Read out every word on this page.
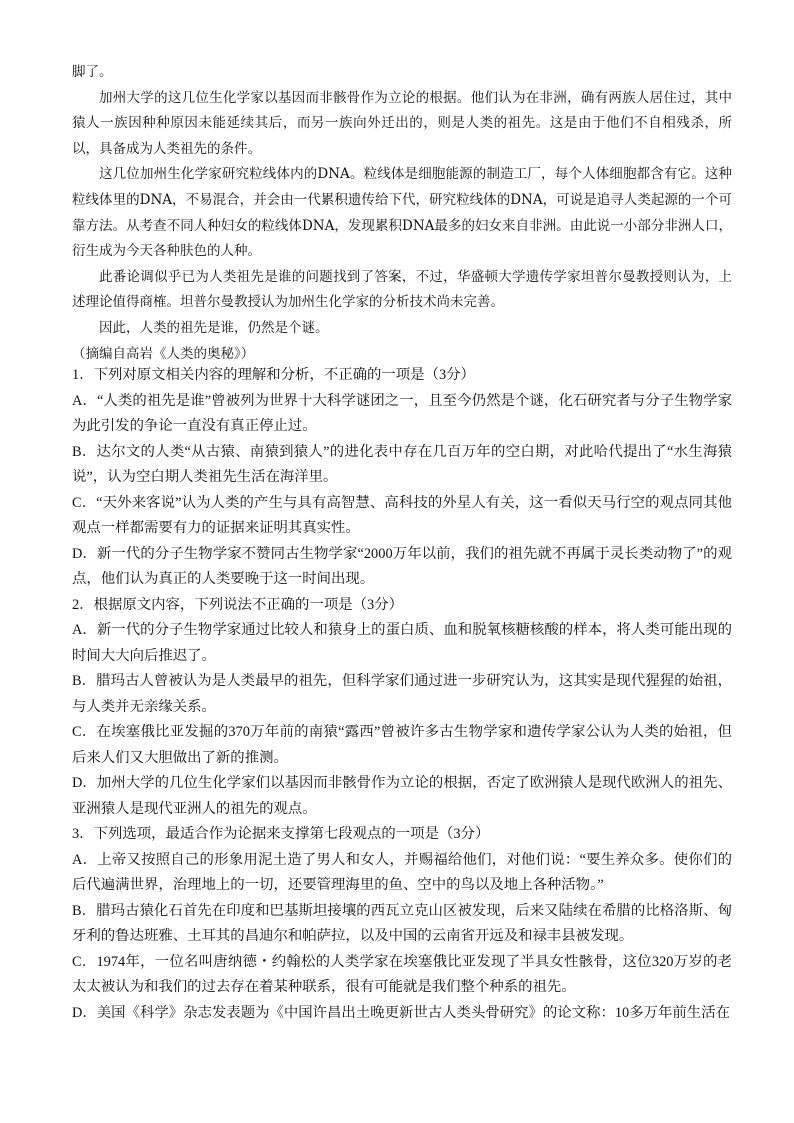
脚了。

加州大学的这几位生化学家以基因而非骸骨作为立论的根据。他们认为在非洲，确有两族人居住过，其中猿人一族因种种原因未能延续其后，而另一族向外迁出的，则是人类的祖先。这是由于他们不自相残杀，所以，具备成为人类祖先的条件。

这几位加州生化学家研究粒线体内的DNA。粒线体是细胞能源的制造工厂，每个人体细胞都含有它。这种粒线体里的DNA，不易混合，并会由一代累积遗传给下代，研究粒线体的DNA，可说是追寻人类起源的一个可靠方法。从考查不同人种妇女的粒线体DNA，发现累积DNA最多的妇女来自非洲。由此说一小部分非洲人口，衍生成为今天各种肤色的人种。

此番论调似乎已为人类祖先是谁的问题找到了答案，不过，华盛顿大学遗传学家坦普尔曼教授则认为，上述理论值得商榷。坦普尔曼教授认为加州生化学家的分析技术尚未完善。

因此，人类的祖先是谁，仍然是个谜。

（摘编自高岩《人类的奥秘》）

1．下列对原文相关内容的理解和分析，不正确的一项是（3分）

A．“人类的祖先是谁”曾被列为世界十大科学谜团之一，且至今仍然是个谜，化石研究者与分子生物学家为此引发的争论一直没有真正停止过。

B．达尔文的人类“从古猿、南猿到猿人”的进化表中存在几百万年的空白期，对此哈代提出了“水生海猿说”，认为空白期人类祖先生活在海洋里。

C．“天外来客说”认为人类的产生与具有高智慧、高科技的外星人有关，这一看似天马行空的观点同其他观点一样都需要有力的证据来证明其真实性。

D．新一代的分子生物学家不赞同古生物学家“2000万年以前，我们的祖先就不再属于灵长类动物了”的观点，他们认为真正的人类要晚于这一时间出现。

2．根据原文内容，下列说法不正确的一项是（3分）

A．新一代的分子生物学家通过比较人和猿身上的蛋白质、血和脱氧核糖核酸的样本，将人类可能出现的时间大大向后推迟了。

B．腊玛古人曾被认为是人类最早的祖先，但科学家们通过进一步研究认为，这其实是现代猩猩的始祖，与人类并无亲缘关系。

C．在埃塞俄比亚发掘的370万年前的南猿“露西”曾被许多古生物学家和遗传学家公认为人类的始祖，但后来人们又大胆做出了新的推测。

D．加州大学的几位生化学家们以基因而非骸骨作为立论的根据，否定了欧洲猿人是现代欧洲人的祖先、亚洲猿人是现代亚洲人的祖先的观点。

3．下列选项，最适合作为论据来支撑第七段观点的一项是（3分）

A．上帝又按照自己的形象用泥土造了男人和女人，并赐福给他们，对他们说：“要生养众多。使你们的后代遍满世界，治理地上的一切，还要管理海里的鱼、空中的鸟以及地上各种活物。”

B．腊玛古猿化石首先在印度和巴基斯坦接壤的西瓦立克山区被发现，后来又陆续在希腊的比格洛斯、匈牙利的鲁达班雅、土耳其的昌迪尔和帕萨拉，以及中国的云南省开远及和禄丰县被发现。

C．1974年，一位名叫唐纳德・约翰松的人类学家在埃塞俄比亚发现了半具女性骸骨，这位320万岁的老太太被认为和我们的过去存在着某种联系，很有可能就是我们整个种系的祖先。

D．美国《科学》杂志发表题为《中国许昌出土晚更新世古人类头骨研究》的论文称：10多万年前生活在
